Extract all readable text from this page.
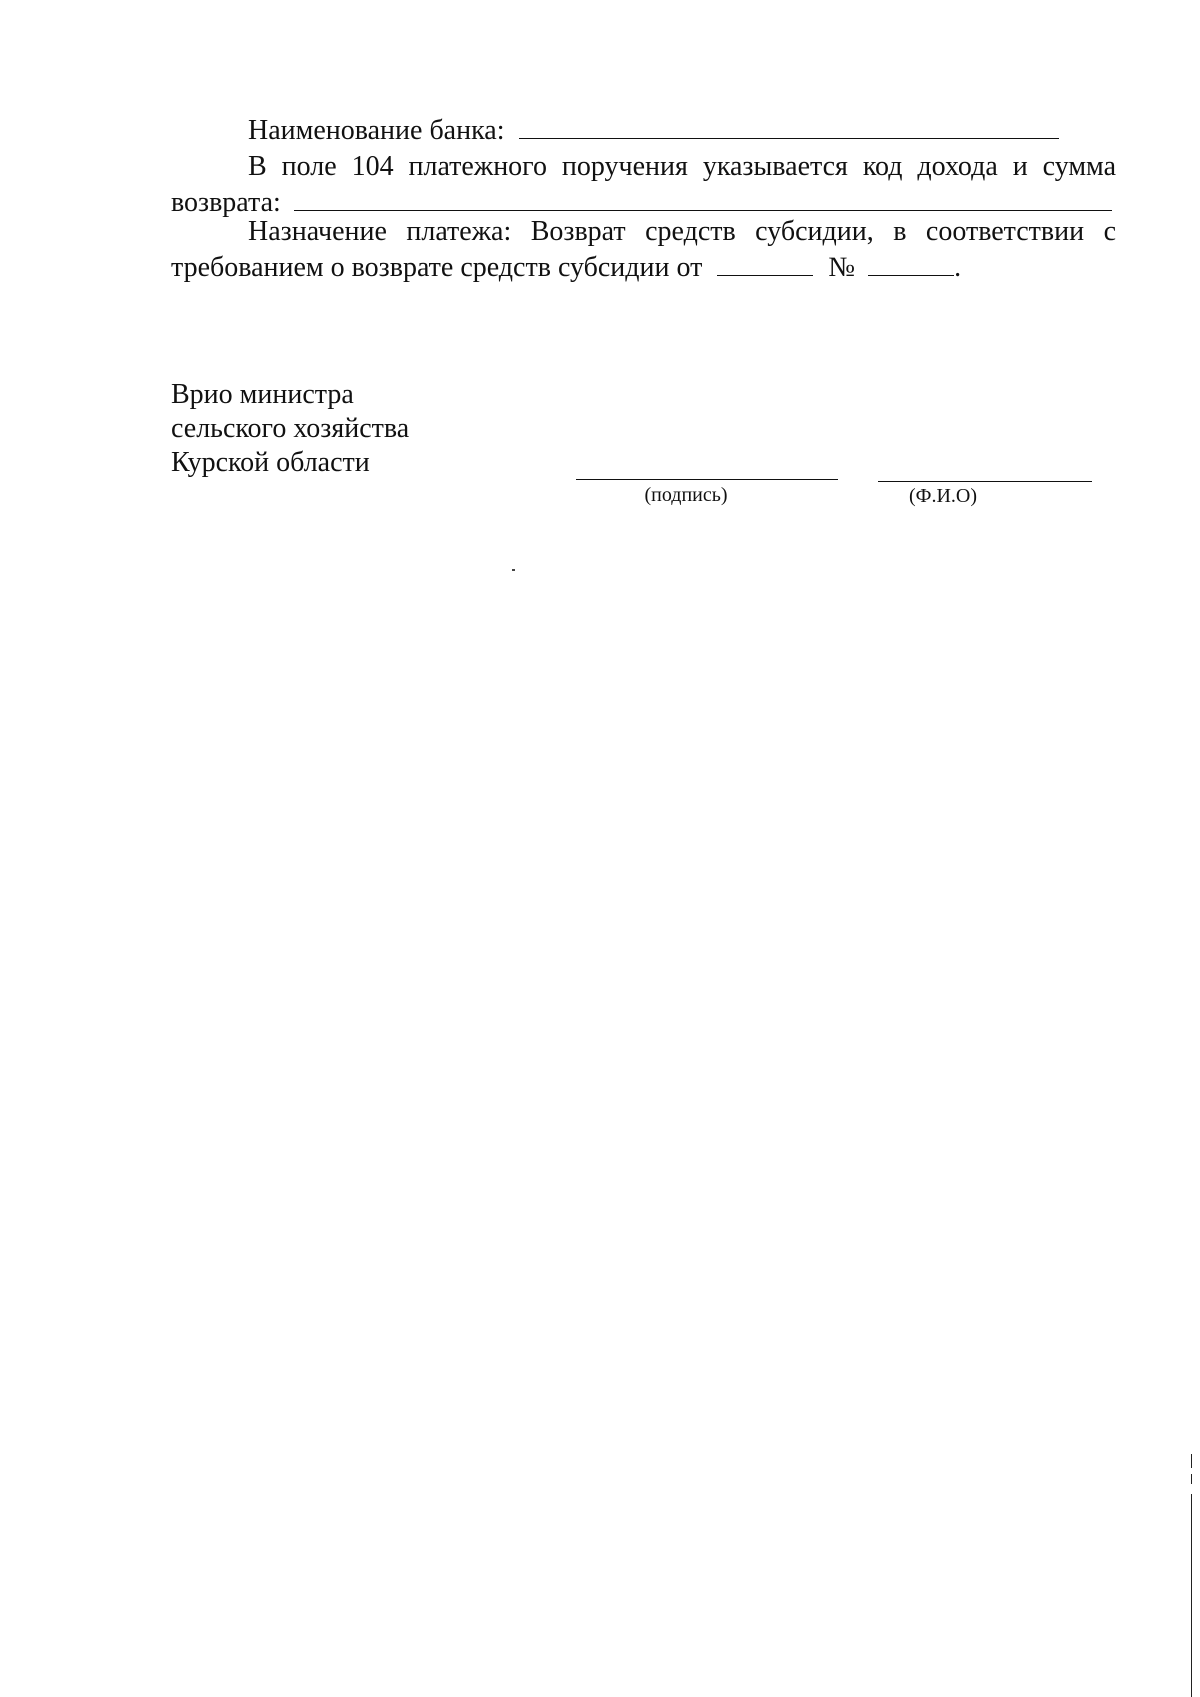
Наименование банка:

В поле 104 платежного поручения указывается код дохода и сумма

возврата:

Назначение платежа: Возврат средств субсидии, в соответствии с

требованием о возврате средств субсидии от	№	.

Врио министра
сельского хозяйства
Курской области
(подпись)	(Ф.И.О)
